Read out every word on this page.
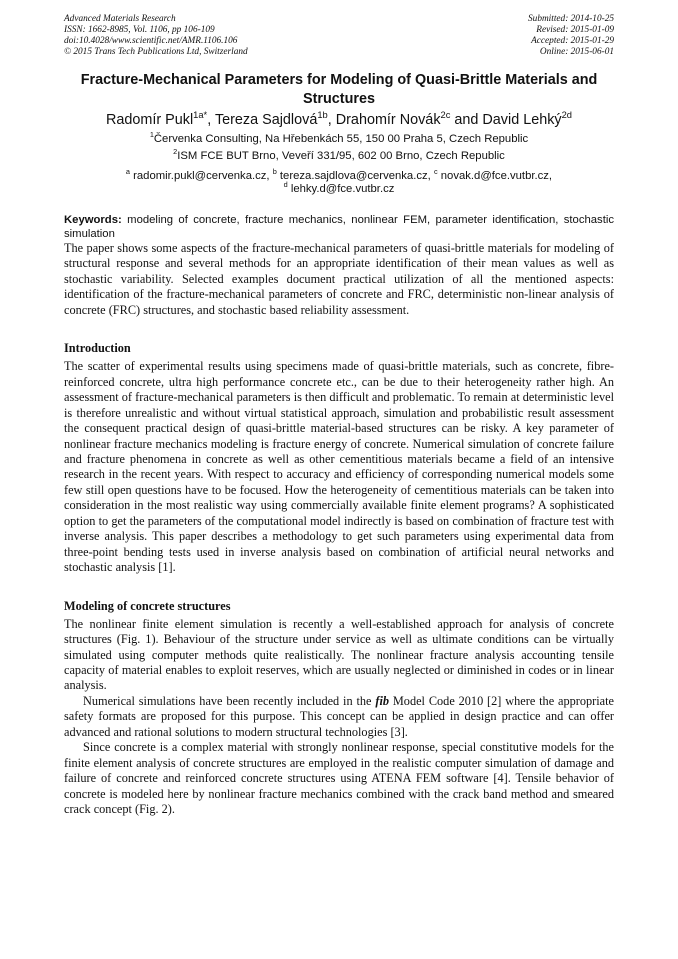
Advanced Materials Research
ISSN: 1662-8985, Vol. 1106, pp 106-109
doi:10.4028/www.scientific.net/AMR.1106.106
© 2015 Trans Tech Publications Ltd, Switzerland
Submitted: 2014-10-25
Revised: 2015-01-09
Accepted: 2015-01-29
Online: 2015-06-01
Fracture-Mechanical Parameters for Modeling of Quasi-Brittle Materials and Structures
Radomír Pukl$^{1a*}$, Tereza Sajdlová$^{1b}$, Drahomír Novák$^{2c}$ and David Lehký$^{2d}$
$^1$Červenka Consulting, Na Hřebenkách 55, 150 00 Praha 5, Czech Republic
$^2$ISM FCE BUT Brno, Veveří 331/95, 602 00 Brno, Czech Republic
$^a$ radomir.pukl@cervenka.cz, $^b$ tereza.sajdlova@cervenka.cz, $^c$ novak.d@fce.vutbr.cz,
$^d$ lehky.d@fce.vutbr.cz
Keywords: modeling of concrete, fracture mechanics, nonlinear FEM, parameter identification, stochastic simulation

The paper shows some aspects of the fracture-mechanical parameters of quasi-brittle materials for modeling of structural response and several methods for an appropriate identification of their mean values as well as stochastic variability. Selected examples document practical utilization of all the mentioned aspects: identification of the fracture-mechanical parameters of concrete and FRC, deterministic non-linear analysis of concrete (FRC) structures, and stochastic based reliability assessment.

Introduction

The scatter of experimental results using specimens made of quasi-brittle materials, such as concrete, fibre-reinforced concrete, ultra high performance concrete etc., can be due to their heterogeneity rather high. An assessment of fracture-mechanical parameters is then difficult and problematic. To remain at deterministic level is therefore unrealistic and without virtual statistical approach, simulation and probabilistic result assessment the consequent practical design of quasi-brittle material-based structures can be risky. A key parameter of nonlinear fracture mechanics modeling is fracture energy of concrete. Numerical simulation of concrete failure and fracture phenomena in concrete as well as other cementitious materials became a field of an intensive research in the recent years. With respect to accuracy and efficiency of corresponding numerical models some few still open questions have to be focused. How the heterogeneity of cementitious materials can be taken into consideration in the most realistic way using commercially available finite element programs? A sophisticated option to get the parameters of the computational model indirectly is based on combination of fracture test with inverse analysis. This paper describes a methodology to get such parameters using experimental data from three-point bending tests used in inverse analysis based on combination of artificial neural networks and stochastic analysis [1].

Modeling of concrete structures

The nonlinear finite element simulation is recently a well-established approach for analysis of concrete structures (Fig. 1). Behaviour of the structure under service as well as ultimate conditions can be virtually simulated using computer methods quite realistically. The nonlinear fracture analysis accounting tensile capacity of material enables to exploit reserves, which are usually neglected or diminished in codes or in linear analysis.

Numerical simulations have been recently included in the fib Model Code 2010 [2] where the appropriate safety formats are proposed for this purpose. This concept can be applied in design practice and can offer advanced and rational solutions to modern structural technologies [3].

Since concrete is a complex material with strongly nonlinear response, special constitutive models for the finite element analysis of concrete structures are employed in the realistic computer simulation of damage and failure of concrete and reinforced concrete structures using ATENA FEM software [4]. Tensile behavior of concrete is modeled here by nonlinear fracture mechanics combined with the crack band method and smeared crack concept (Fig. 2).
